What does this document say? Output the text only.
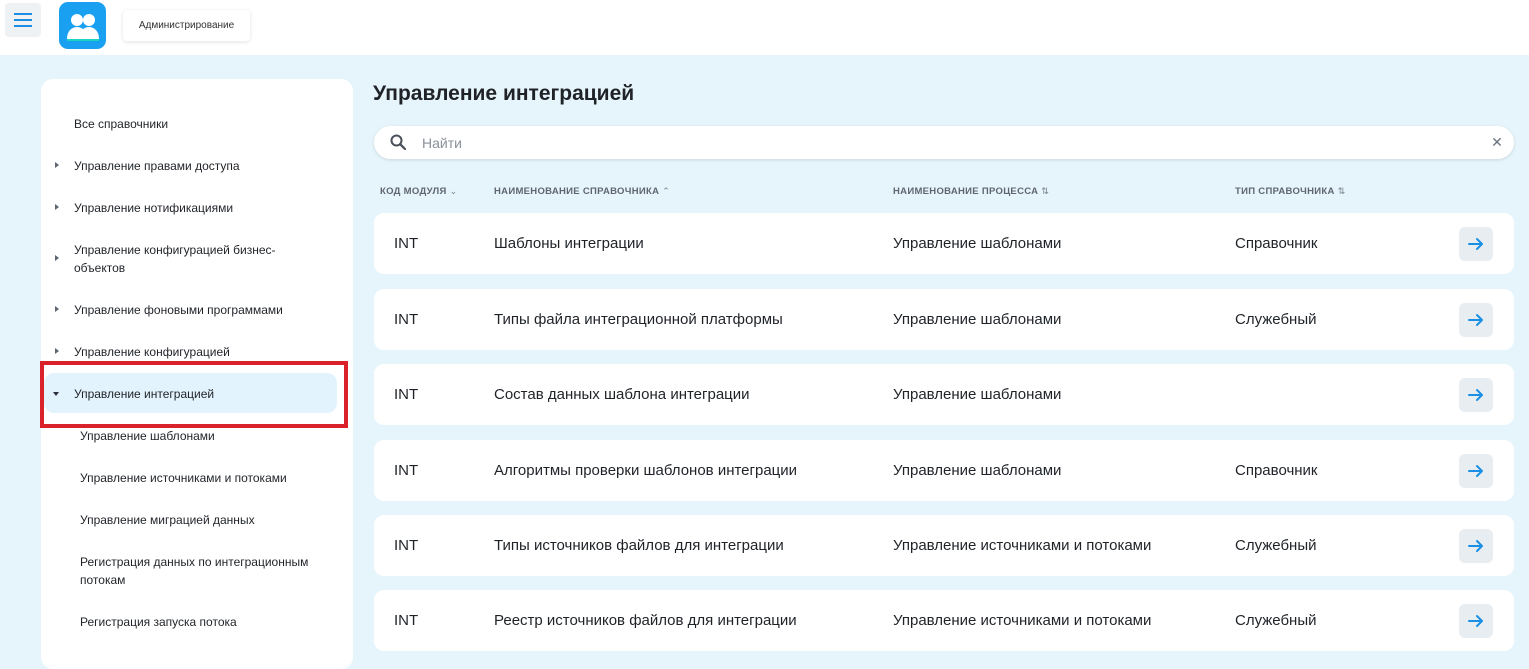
Администрирование
Все справочники
Управление правами доступа
Управление нотификациями
Управление конфигурацией бизнес-объектов
Управление фоновыми программами
Управление конфигурацией
Управление интеграцией
Управление шаблонами
Управление источниками и потоками
Управление миграцией данных
Регистрация данных по интеграционным потокам
Регистрация запуска потока
Управление интеграцией
Найти
✕
КОД МОДУЛЯ ⌄	НАИМЕНОВАНИЕ СПРАВОЧНИКА ⌃	НАИМЕНОВАНИЕ ПРОЦЕССА ⇅	ТИП СПРАВОЧНИКА ⇅
INT	Шаблоны интеграции	Управление шаблонами	Справочник
INT	Типы файла интеграционной платформы	Управление шаблонами	Служебный
INT	Состав данных шаблона интеграции	Управление шаблонами
INT	Алгоритмы проверки шаблонов интеграции	Управление шаблонами	Справочник
INT	Типы источников файлов для интеграции	Управление источниками и потоками	Служебный
INT	Реестр источников файлов для интеграции	Управление источниками и потоками	Служебный
